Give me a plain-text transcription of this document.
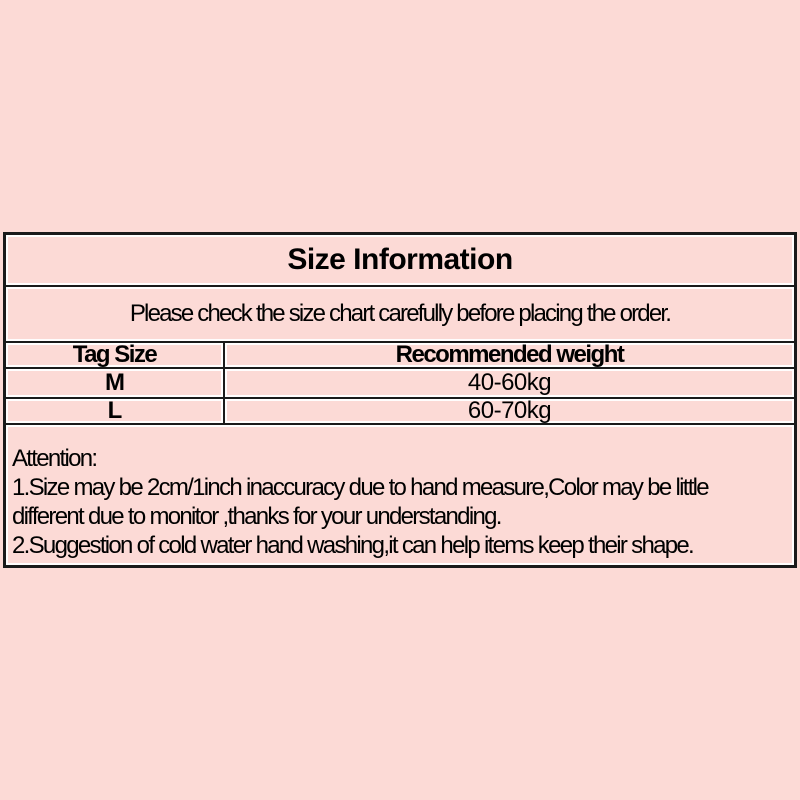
Size Information
Please check the size chart carefully before placing the order.
Tag Size	Recommended weight
M	40-60kg
L	60-70kg
Attention:
1.Size may be 2cm/1inch inaccuracy due to hand measure,Color may be little
different due to monitor ,thanks for your understanding.
2.Suggestion of cold water hand washing,it can help items keep their shape.
